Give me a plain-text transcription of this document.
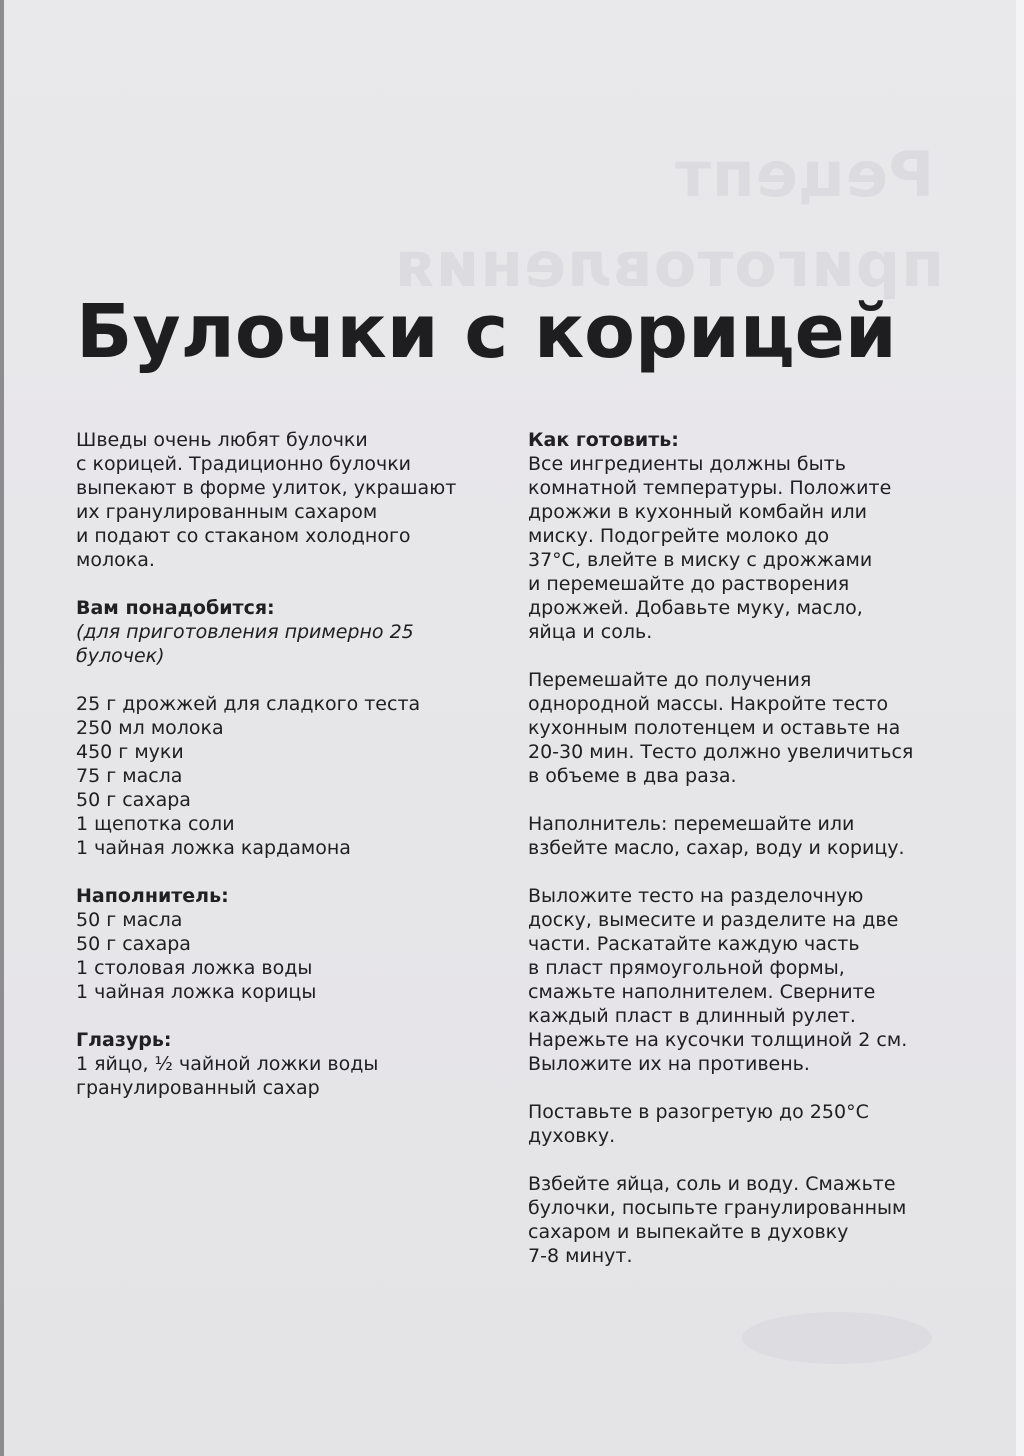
Рецепт
приготовления
Булочки с корицей
Шведы очень любят булочки
с корицей. Традиционно булочки
выпекают в форме улиток, украшают
их гранулированным сахаром
и подают со стаканом холодного
молока.
Вам понадобится:
(для приготовления примерно 25
булочек)
25 г дрожжей для сладкого теста
250 мл молока
450 г муки
75 г масла
50 г сахара
1 щепотка соли
1 чайная ложка кардамона
Наполнитель:
50 г масла
50 г сахара
1 столовая ложка воды
1 чайная ложка корицы
Глазурь:
1 яйцо, ½ чайной ложки воды
гранулированный сахар
Как готовить:
Все ингредиенты должны быть
комнатной температуры. Положите
дрожжи в кухонный комбайн или
миску. Подогрейте молоко до
37°С, влейте в миску с дрожжами
и перемешайте до растворения
дрожжей. Добавьте муку, масло,
яйца и соль.
Перемешайте до получения
однородной массы. Накройте тесто
кухонным полотенцем и оставьте на
20-30 мин. Тесто должно увеличиться
в объеме в два раза.
Наполнитель: перемешайте или
взбейте масло, сахар, воду и корицу.
Выложите тесто на разделочную
доску, вымесите и разделите на две
части. Раскатайте каждую часть
в пласт прямоугольной формы,
смажьте наполнителем. Сверните
каждый пласт в длинный рулет.
Нарежьте на кусочки толщиной 2 см.
Выложите их на противень.
Поставьте в разогретую до 250°С
духовку.
Взбейте яйца, соль и воду. Смажьте
булочки, посыпьте гранулированным
сахаром и выпекайте в духовку
7-8 минут.
